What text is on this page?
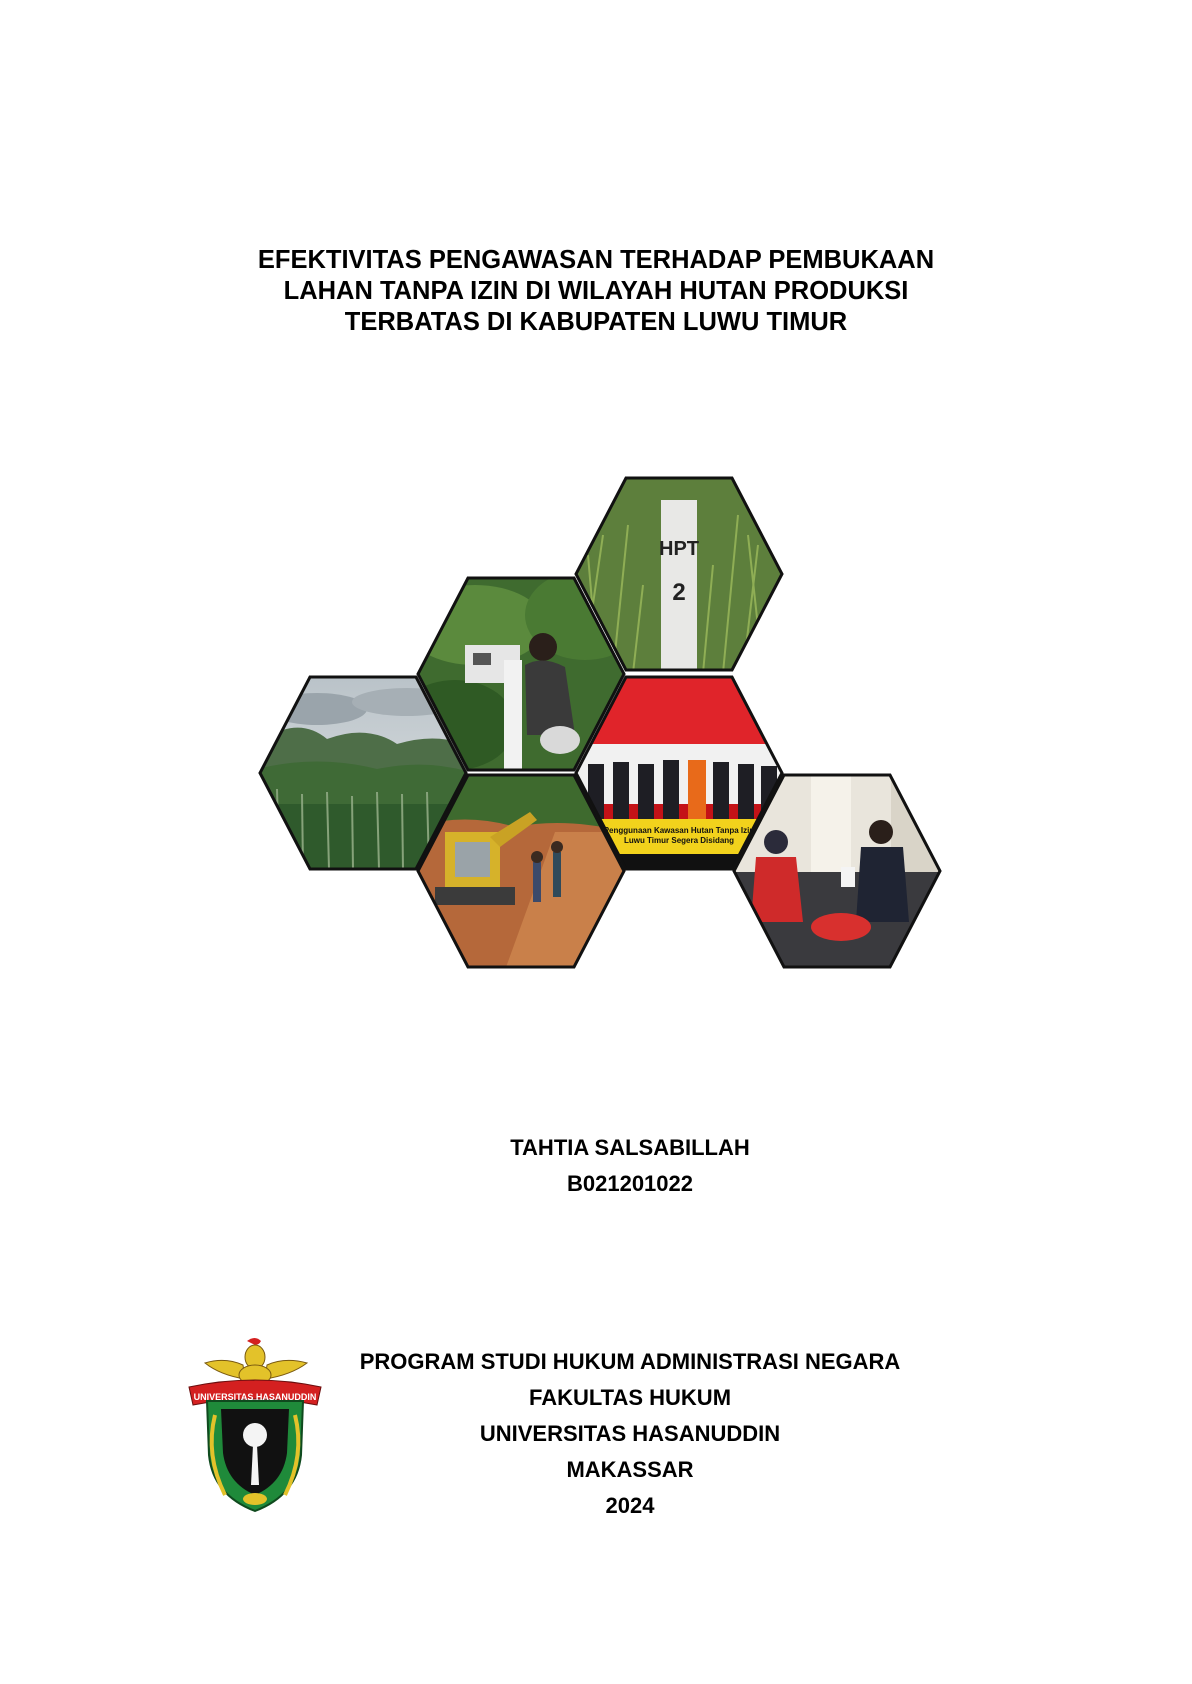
EFEKTIVITAS PENGAWASAN TERHADAP PEMBUKAAN
LAHAN TANPA IZIN DI WILAYAH HUTAN PRODUKSI
TERBATAS DI KABUPATEN LUWU TIMUR
HPT
2
Penggunaan Kawasan Hutan Tanpa Izin Luwu Timur Segera Disidang
TAHTIA SALSABILLAH
B021201022
UNIVERSITAS HASANUDDIN
PROGRAM STUDI HUKUM ADMINISTRASI NEGARA
FAKULTAS HUKUM
UNIVERSITAS HASANUDDIN
MAKASSAR
2024
